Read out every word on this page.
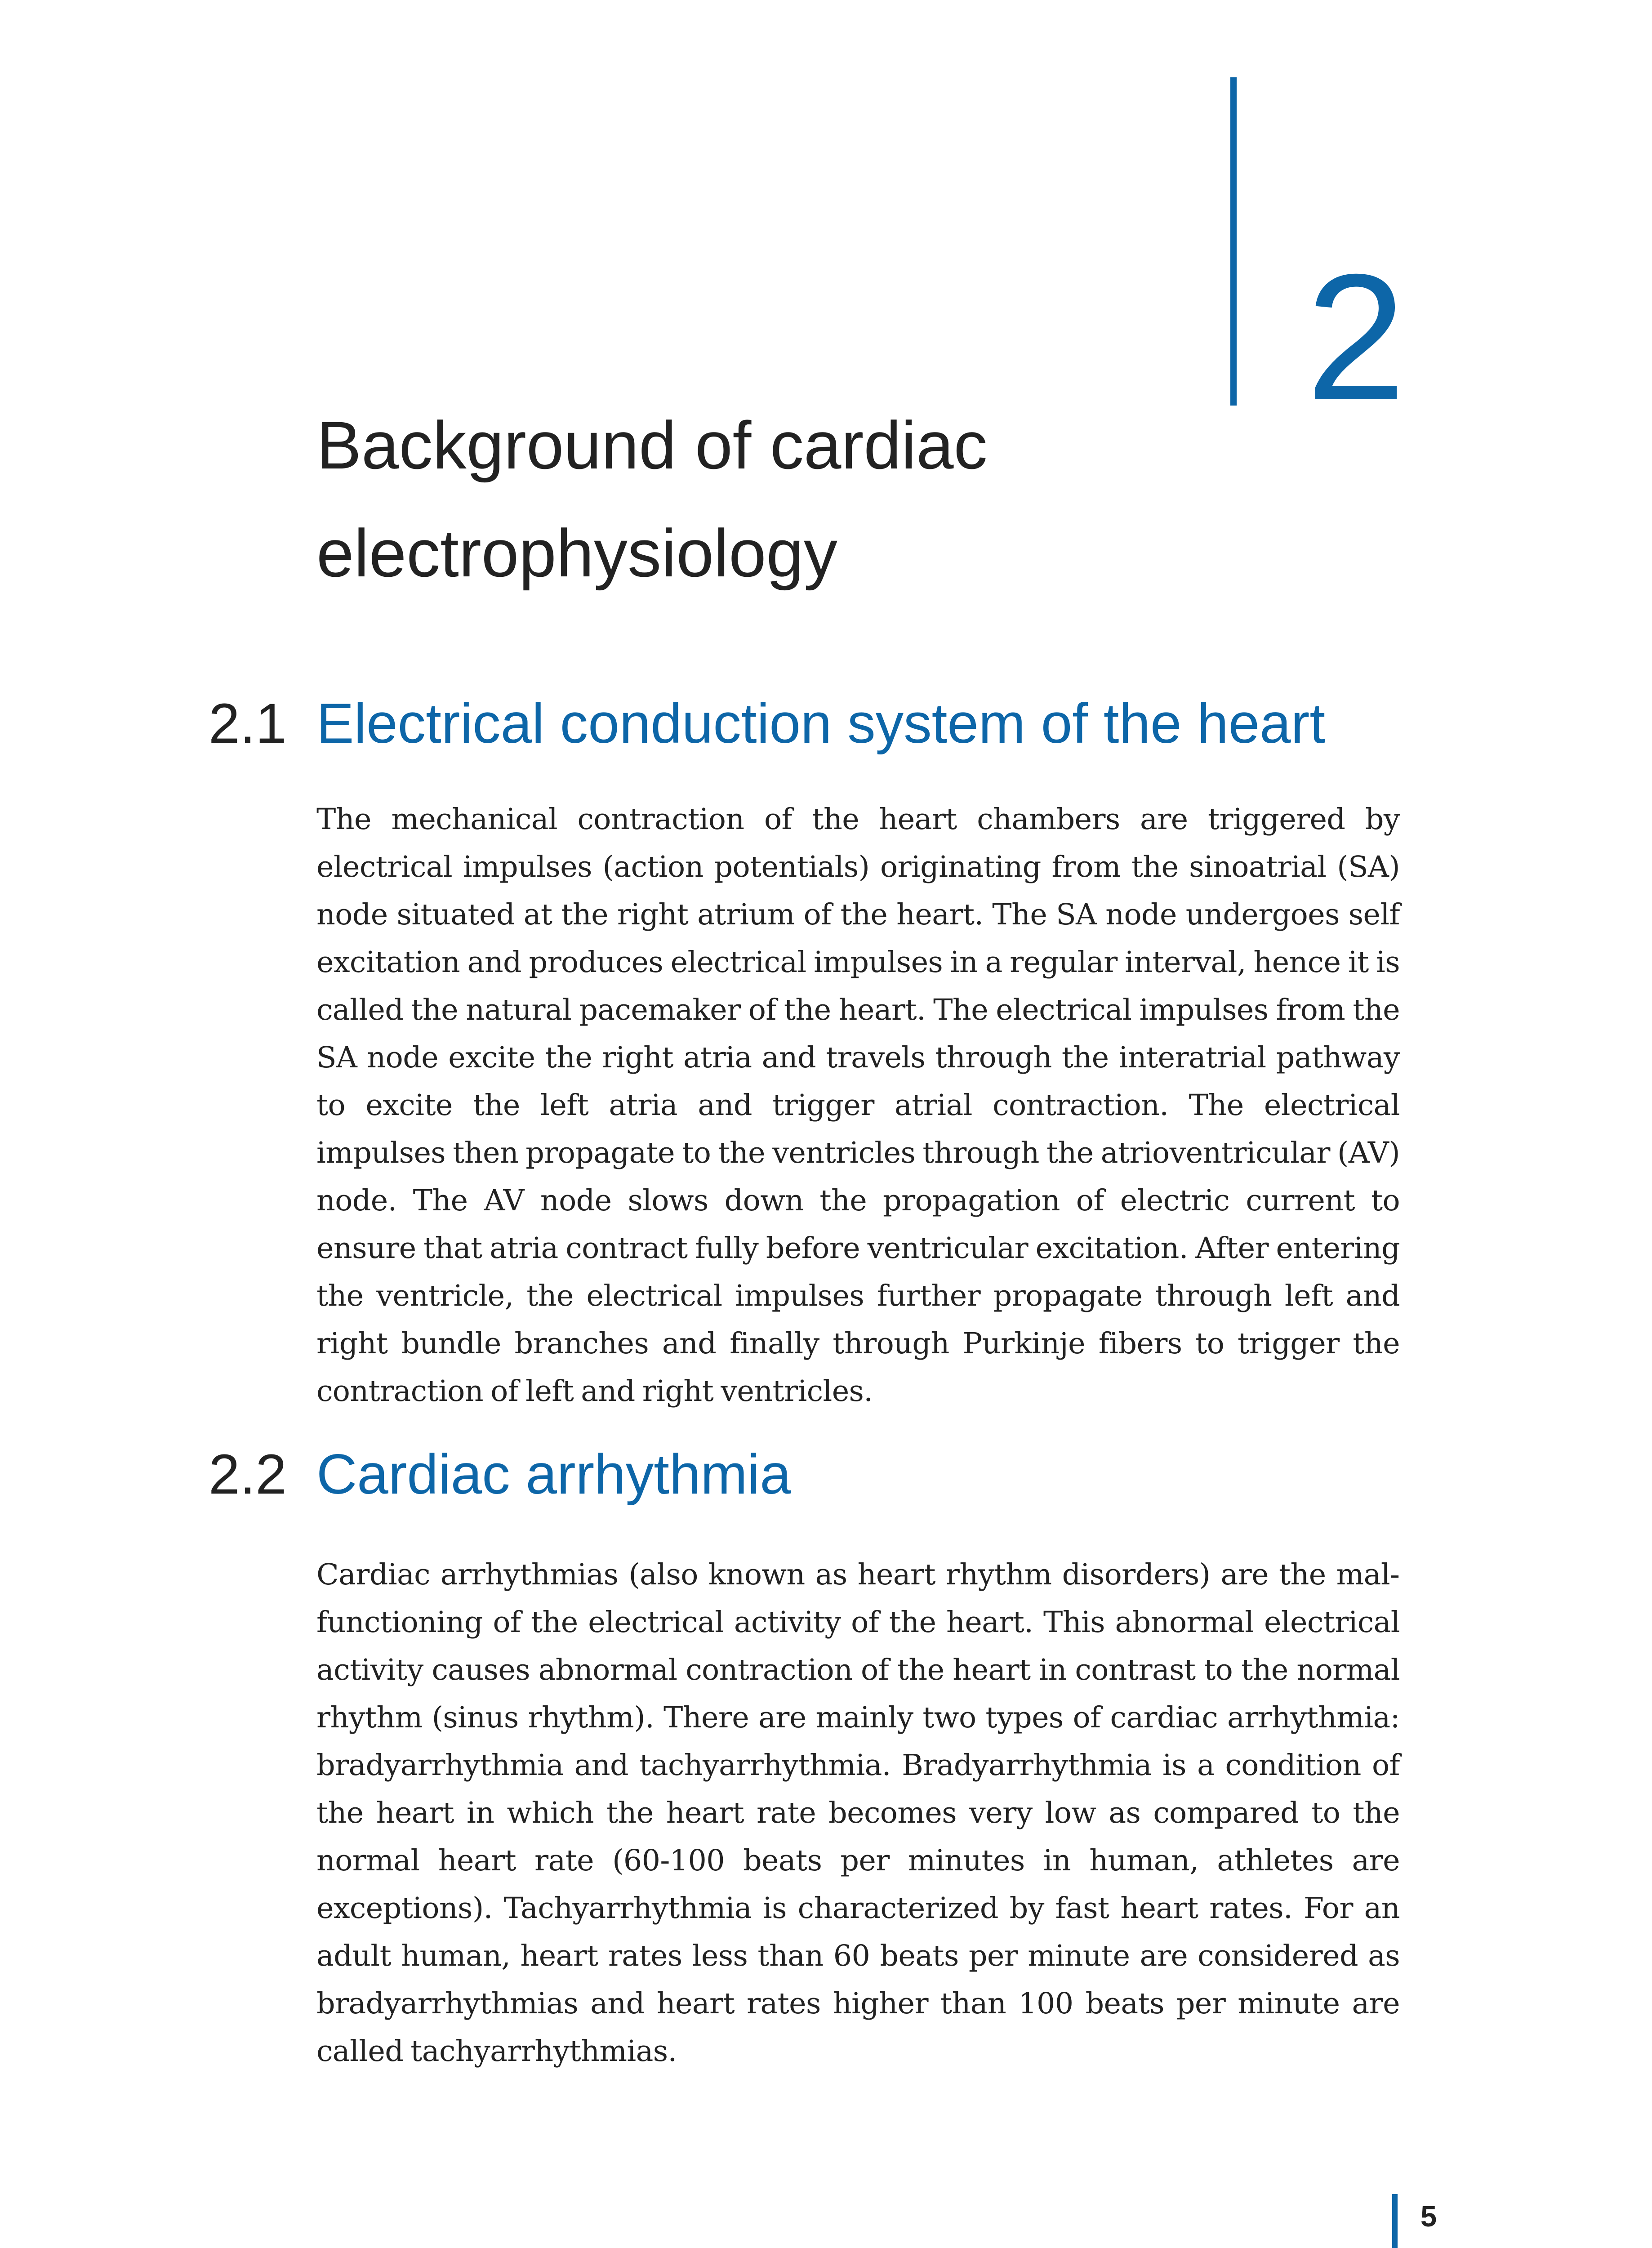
2
Background of cardiac electrophysiology
2.1 Electrical conduction system of the heart

The mechanical contraction of the heart chambers are triggered by electrical impulses (action potentials) originating from the sinoatrial (SA) node situated at the right atrium of the heart. The SA node undergoes self excitation and produces electrical impulses in a regular interval, hence it is called the natural pacemaker of the heart. The electrical impulses from the SA node excite the right atria and travels through the interatrial pathway to excite the left atria and trigger atrial contraction. The electrical impulses then propagate to the ventricles through the atrioventricular (AV) node. The AV node slows down the propagation of electric current to ensure that atria contract fully before ventricular excitation. After entering the ventricle, the electrical impulses further propagate through left and right bundle branches and finally through Purkinje fibers to trigger the contraction of left and right ventricles.

2.2 Cardiac arrhythmia

Cardiac arrhythmias (also known as heart rhythm disorders) are the malfunctioning of the electrical activity of the heart. This abnormal electrical activity causes abnormal contraction of the heart in contrast to the normal rhythm (sinus rhythm). There are mainly two types of cardiac arrhythmia: bradyarrhythmia and tachyarrhythmia. Bradyarrhythmia is a condition of the heart in which the heart rate becomes very low as compared to the normal heart rate (60-100 beats per minutes in human, athletes are exceptions). Tachyarrhythmia is characterized by fast heart rates. For an adult human, heart rates less than 60 beats per minute are considered as bradyarrhythmias and heart rates higher than 100 beats per minute are called tachyarrhythmias.

5
